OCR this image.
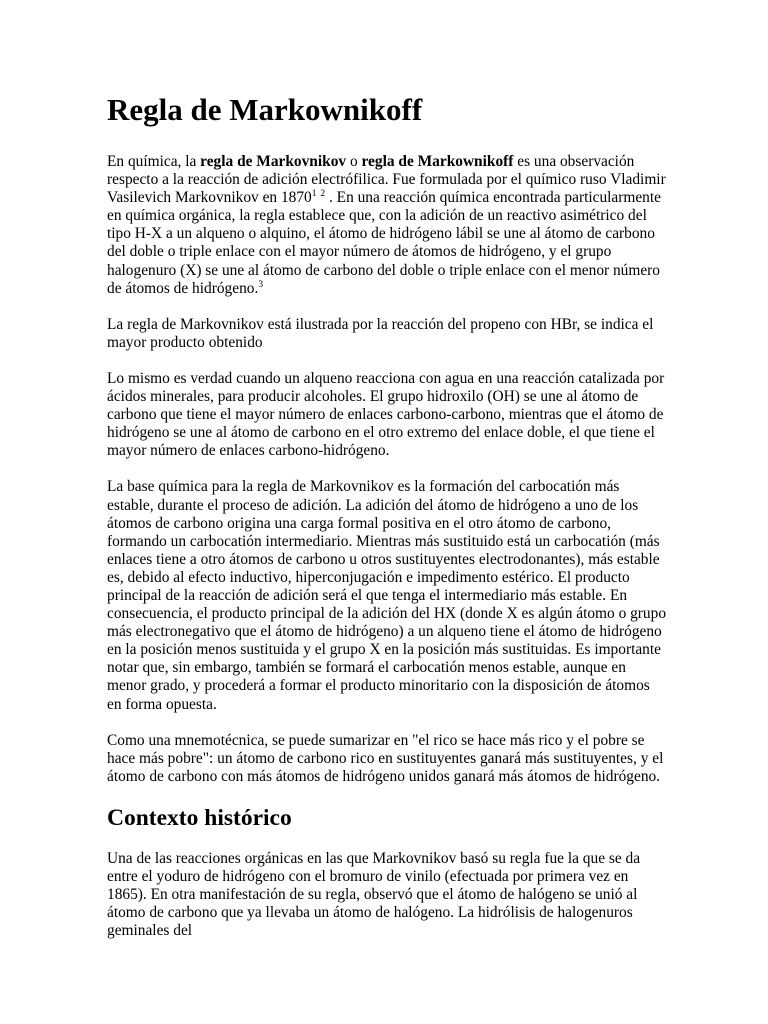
Regla de Markownikoff

En química, la regla de Markovnikov o regla de Markownikoff es una observación respecto a la reacción de adición electrófilica. Fue formulada por el químico ruso Vladimir Vasilevich Markovnikov en 1870$^1$ $^2$ . En una reacción química encontrada particularmente en química orgánica, la regla establece que, con la adición de un reactivo asimétrico del tipo H-X a un alqueno o alquino, el átomo de hidrógeno lábil se une al átomo de carbono del doble o triple enlace con el mayor número de átomos de hidrógeno, y el grupo halogenuro (X) se une al átomo de carbono del doble o triple enlace con el menor número de átomos de hidrógeno.$^3$

La regla de Markovnikov está ilustrada por la reacción del propeno con HBr, se indica el mayor producto obtenido

Lo mismo es verdad cuando un alqueno reacciona con agua en una reacción catalizada por ácidos minerales, para producir alcoholes. El grupo hidroxilo (OH) se une al átomo de carbono que tiene el mayor número de enlaces carbono-carbono, mientras que el átomo de hidrógeno se une al átomo de carbono en el otro extremo del enlace doble, el que tiene el mayor número de enlaces carbono-hidrógeno.

La base química para la regla de Markovnikov es la formación del carbocatión más estable, durante el proceso de adición. La adición del átomo de hidrógeno a uno de los átomos de carbono origina una carga formal positiva en el otro átomo de carbono, formando un carbocatión intermediario. Mientras más sustituido está un carbocatión (más enlaces tiene a otro átomos de carbono u otros sustituyentes electrodonantes), más estable es, debido al efecto inductivo, hiperconjugación e impedimento estérico. El producto principal de la reacción de adición será el que tenga el intermediario más estable. En consecuencia, el producto principal de la adición del HX (donde X es algún átomo o grupo más electronegativo que el átomo de hidrógeno) a un alqueno tiene el átomo de hidrógeno en la posición menos sustituida y el grupo X en la posición más sustituidas. Es importante notar que, sin embargo, también se formará el carbocatión menos estable, aunque en menor grado, y procederá a formar el producto minoritario con la disposición de átomos en forma opuesta.

Como una mnemotécnica, se puede sumarizar en "el rico se hace más rico y el pobre se hace más pobre": un átomo de carbono rico en sustituyentes ganará más sustituyentes, y el átomo de carbono con más átomos de hidrógeno unidos ganará más átomos de hidrógeno.

Contexto histórico

Una de las reacciones orgánicas en las que Markovnikov basó su regla fue la que se da entre el yoduro de hidrógeno con el bromuro de vinilo (efectuada por primera vez en 1865). En otra manifestación de su regla, observó que el átomo de halógeno se unió al átomo de carbono que ya llevaba un átomo de halógeno. La hidrólisis de halogenuros geminales del
